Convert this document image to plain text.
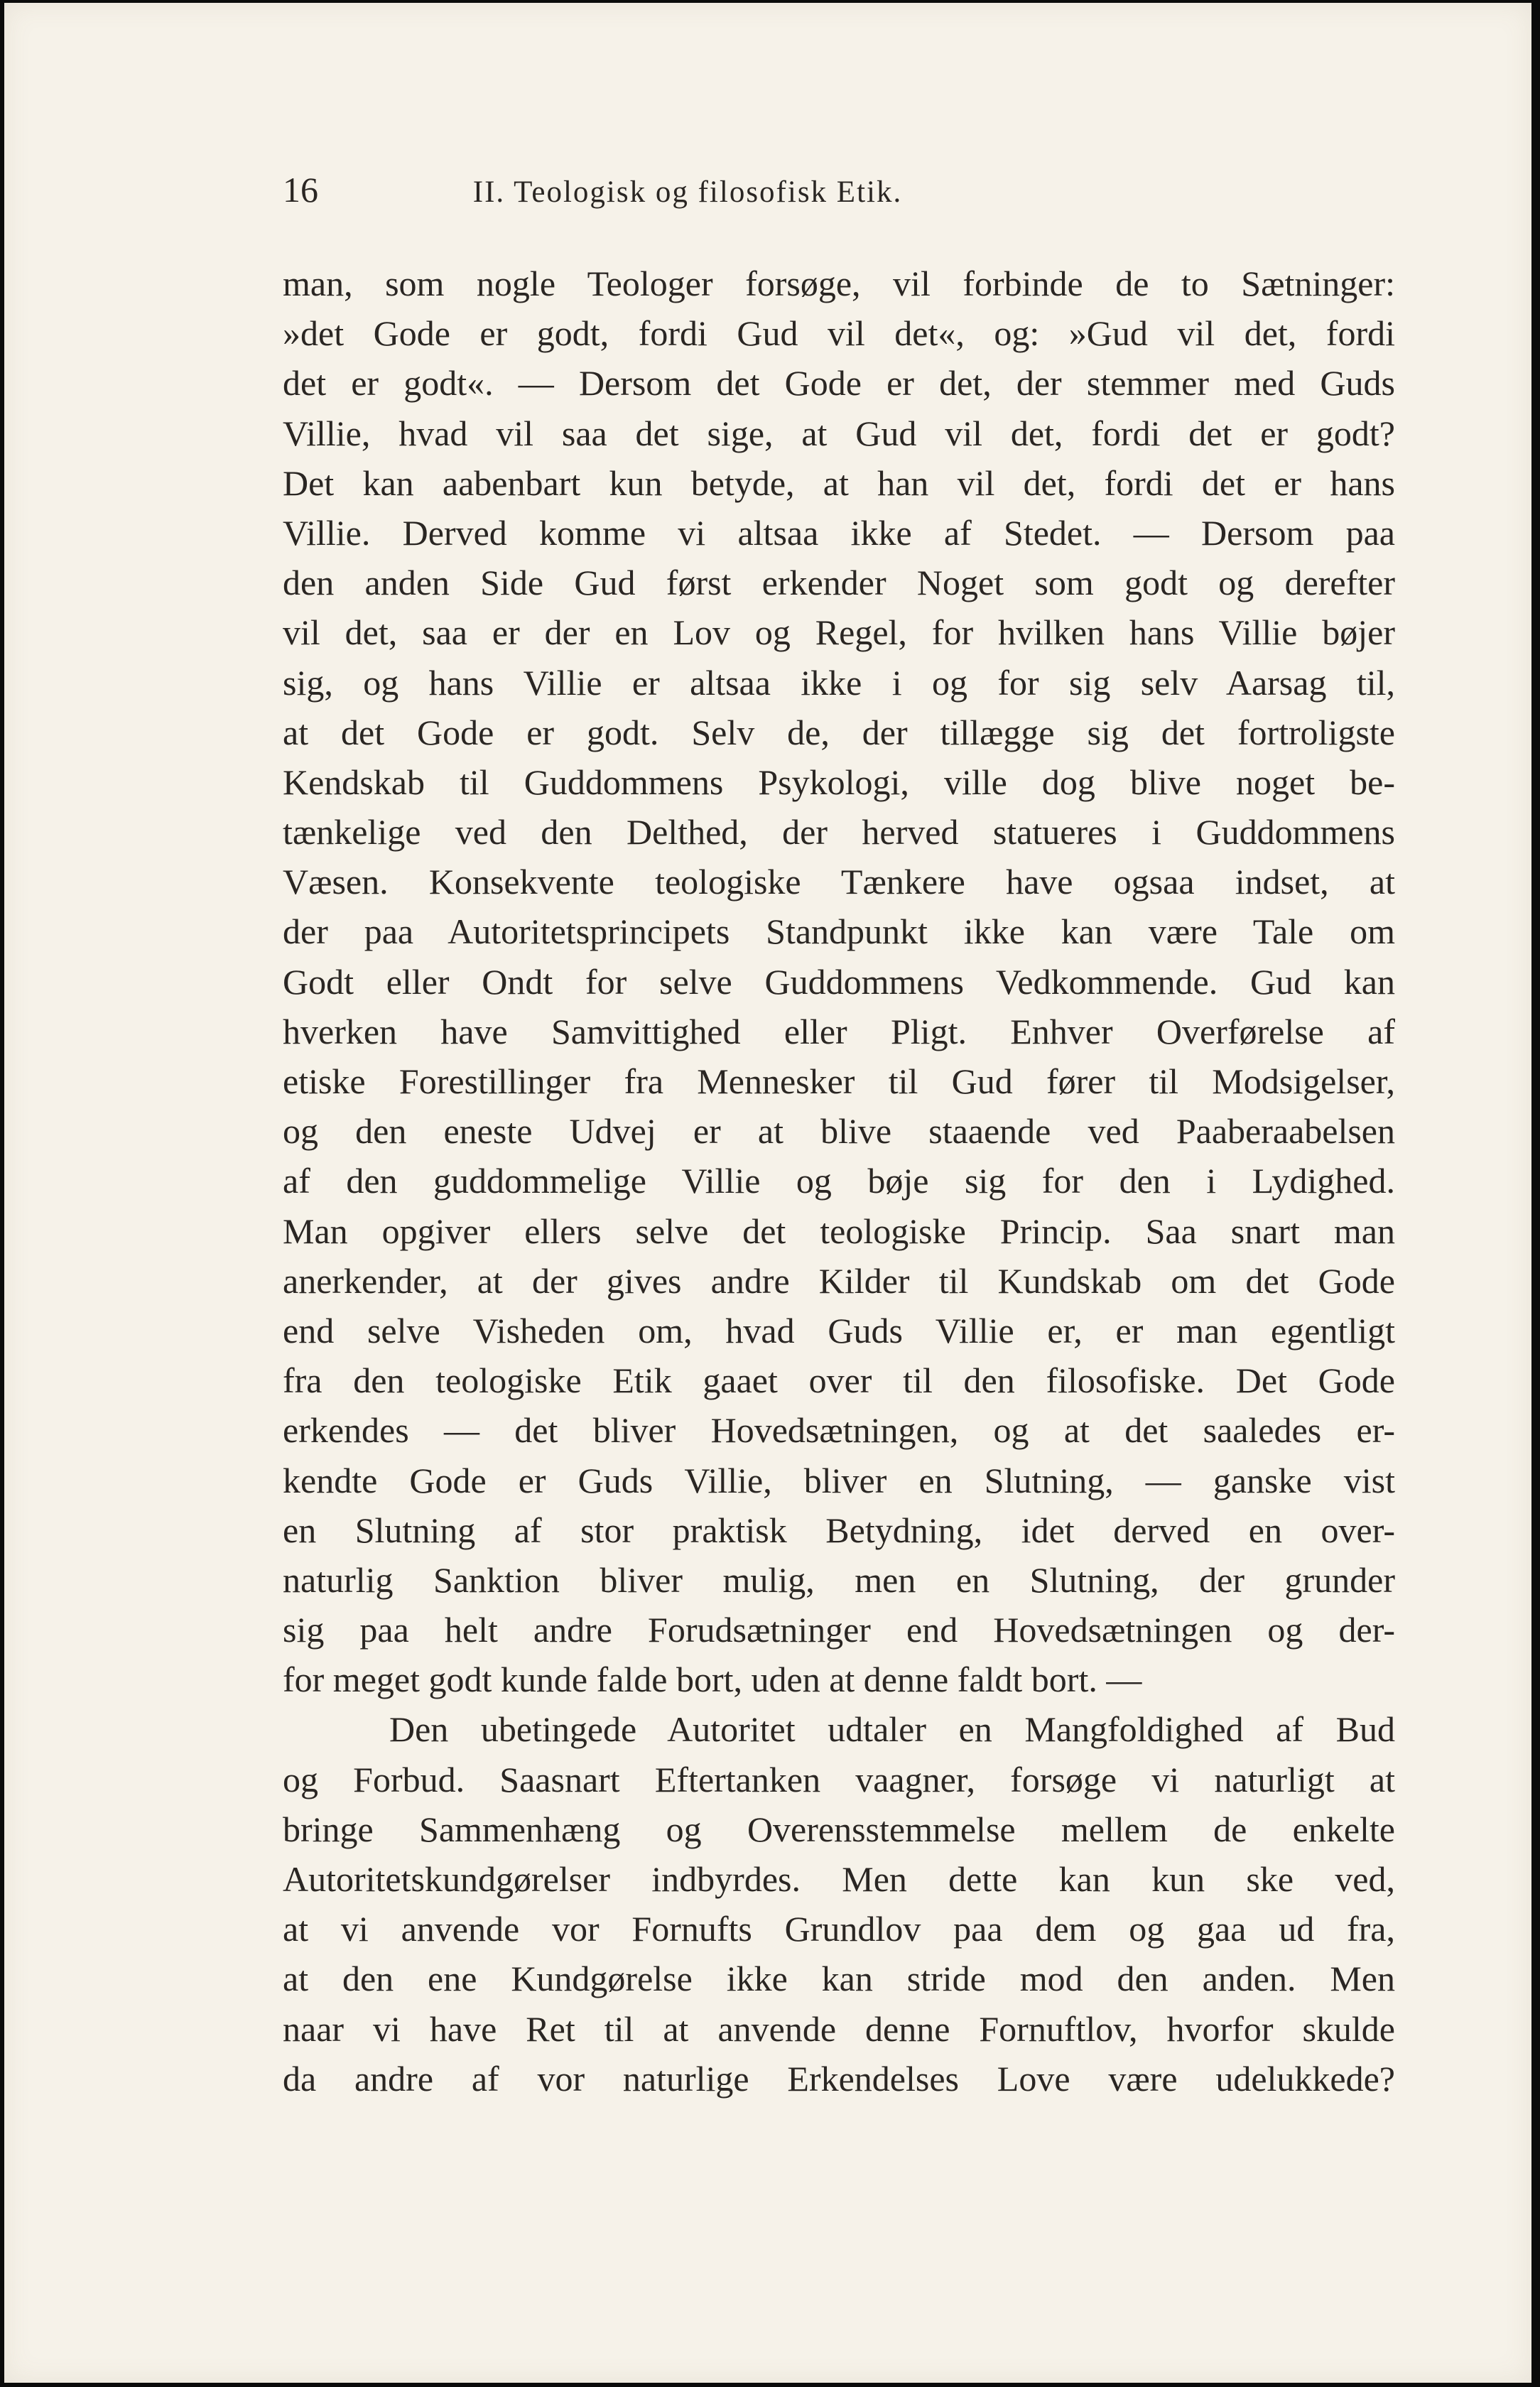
16	II. Teologisk og filosofisk Etik.
man, som nogle Teologer forsøge, vil forbinde de to Sætninger:
»det Gode er godt, fordi Gud vil det«, og: »Gud vil det, fordi
det er godt«. — Dersom det Gode er det, der stemmer med Guds
Villie, hvad vil saa det sige, at Gud vil det, fordi det er godt?
Det kan aabenbart kun betyde, at han vil det, fordi det er hans
Villie. Derved komme vi altsaa ikke af Stedet. — Dersom paa
den anden Side Gud først erkender Noget som godt og derefter
vil det, saa er der en Lov og Regel, for hvilken hans Villie bøjer
sig, og hans Villie er altsaa ikke i og for sig selv Aarsag til,
at det Gode er godt. Selv de, der tillægge sig det fortroligste
Kendskab til Guddommens Psykologi, ville dog blive noget be-
tænkelige ved den Delthed, der herved statueres i Guddommens
Væsen. Konsekvente teologiske Tænkere have ogsaa indset, at
der paa Autoritetsprincipets Standpunkt ikke kan være Tale om
Godt eller Ondt for selve Guddommens Vedkommende. Gud kan
hverken have Samvittighed eller Pligt. Enhver Overførelse af
etiske Forestillinger fra Mennesker til Gud fører til Modsigelser,
og den eneste Udvej er at blive staaende ved Paaberaabelsen
af den guddommelige Villie og bøje sig for den i Lydighed.
Man opgiver ellers selve det teologiske Princip. Saa snart man
anerkender, at der gives andre Kilder til Kundskab om det Gode
end selve Visheden om, hvad Guds Villie er, er man egentligt
fra den teologiske Etik gaaet over til den filosofiske. Det Gode
erkendes — det bliver Hovedsætningen, og at det saaledes er-
kendte Gode er Guds Villie, bliver en Slutning, — ganske vist
en Slutning af stor praktisk Betydning, idet derved en over-
naturlig Sanktion bliver mulig, men en Slutning, der grunder
sig paa helt andre Forudsætninger end Hovedsætningen og der-
for meget godt kunde falde bort, uden at denne faldt bort. —
Den ubetingede Autoritet udtaler en Mangfoldighed af Bud
og Forbud. Saasnart Eftertanken vaagner, forsøge vi naturligt at
bringe Sammenhæng og Overensstemmelse mellem de enkelte
Autoritetskundgørelser indbyrdes. Men dette kan kun ske ved,
at vi anvende vor Fornufts Grundlov paa dem og gaa ud fra,
at den ene Kundgørelse ikke kan stride mod den anden. Men
naar vi have Ret til at anvende denne Fornuftlov, hvorfor skulde
da andre af vor naturlige Erkendelses Love være udelukkede?
